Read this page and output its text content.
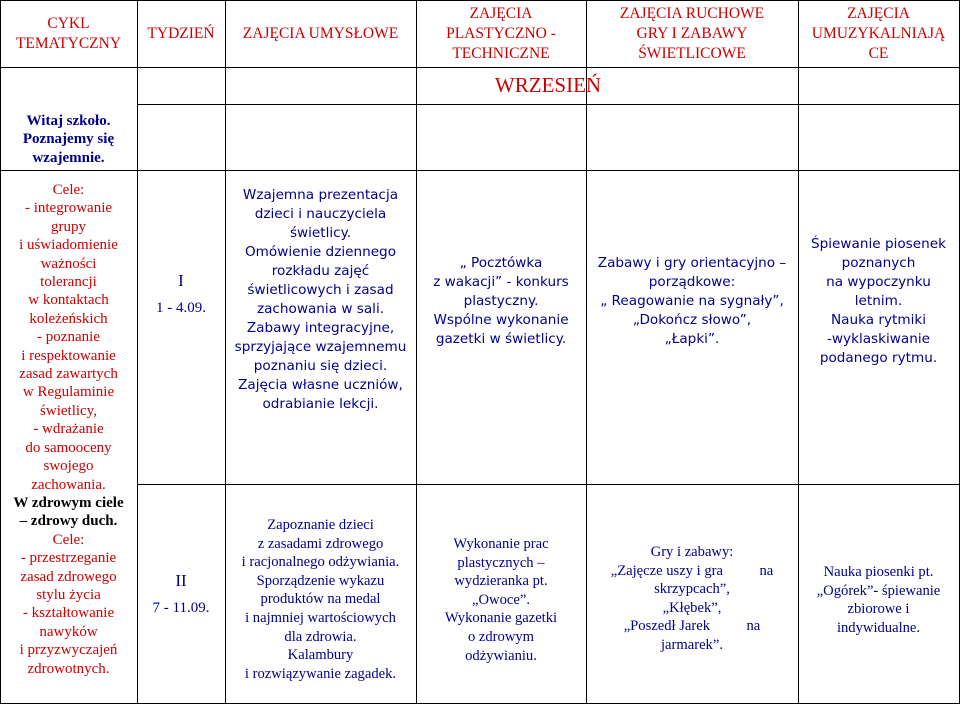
CYKL
TEMATYCZNY
TYDZIEŃ ZAJĘCIA UMYSŁOWE
ZAJĘCIA
PLASTYCZNO -
TECHNICZNE
ZAJĘCIA RUCHOWE
GRY I ZABAWY
ŚWIETLICOWE
ZAJĘCIA
UMUZYKALNIAJĄ
CE
WRZESIEŃ
Witaj szkoło.
Poznajemy się
wzajemnie.
Cele:
- integrowanie
grupy
i uświadomienie
ważności
tolerancji
w kontaktach
koleżeńskich
- poznanie
i respektowanie
zasad zawartych
w Regulaminie
świetlicy,
- wdrażanie
do samooceny
swojego
zachowania.
W zdrowym ciele
– zdrowy duch.
Cele:
- przestrzeganie
zasad zdrowego
stylu życia
- kształtowanie
nawyków
i przyzwyczajeń
zdrowotnych.
I
1 - 4.09.
Wzajemna prezentacja
dzieci i nauczyciela
świetlicy.
Omówienie dziennego
rozkładu zajęć
świetlicowych i zasad
zachowania w sali.
Zabawy integracyjne,
sprzyjające wzajemnemu
poznaniu się dzieci.
Zajęcia własne uczniów,
odrabianie lekcji.
„ Pocztówka
z wakacji” - konkurs
plastyczny.
Wspólne wykonanie
gazetki w świetlicy.
Zabawy i gry orientacyjno –
porządkowe:
„ Reagowanie na sygnały”,
„Dokończ słowo”,
„Łapki”.
Śpiewanie piosenek
poznanych
na wypoczynku
letnim.
Nauka rytmiki
-wyklaskiwanie
podanego rytmu.
II
7 - 11.09.
Zapoznanie dzieci
z zasadami zdrowego
i racjonalnego odżywiania.
Sporządzenie wykazu
produktów na medal
i najmniej wartościowych
dla zdrowia.
Kalambury
i rozwiązywanie zagadek.
Wykonanie prac
plastycznych –
wydzieranka pt.
„Owoce”.
Wykonanie gazetki
o zdrowym
odżywianiu.
Gry i zabawy:
„Zajęcze uszy i gra          na
skrzypcach”,
„Kłębek”,
„Poszedł Jarek          na
jarmarek”.
Nauka piosenki pt.
„Ogórek”- śpiewanie
zbiorowe i
indywidualne.
